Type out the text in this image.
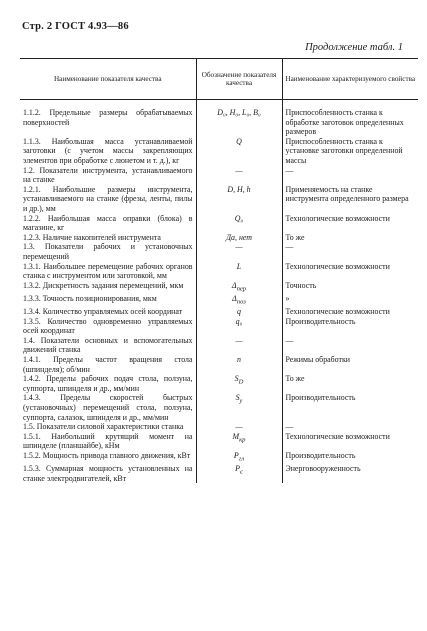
Стр. 2 ГОСТ 4.93—86
Продолжение табл. 1
Наименование показателя качества	Обозначение показателя качества	Наименование характеризуемого свойства

1.1.2. Предельные размеры обрабатываемых поверхностей	D₀, H₀, L₀, B₀	Приспособленность станка к обработке заготовок определенных размеров
1.1.3. Наибольшая масса устанавливаемой заготовки (с учетом массы закрепляющих элементов при обработке с люнетом и т. д.), кг	Q	Приспособленность станка к установке заготовки определенной массы
1.2. Показатели инструмента, устанавливаемого на станке	—	—
1.2.1. Наибольшие размеры инструмента, устанавливаемого на станке (фрезы, ленты, пилы и др.), мм	D, H, h	Применяемость на станке инструмента определенного размера
1.2.2. Наибольшая масса оправки (блока) в магазине, кг	Q₀	Технологические возможности
1.2.3. Наличие накопителей инструмента	Да, нет	То же
1.3. Показатели рабочих и установочных перемещений	—	—
1.3.1. Наибольшее перемещение рабочих органов станка с инструментом или заготовкой, мм	L	Технологические возможности
1.3.2. Дискретность задания перемещений, мкм	$\Delta_{пер}$	Точность
1.3.3. Точность позиционирования, мкм	$\Delta_{поз}$	»
1.3.4. Количество управляемых осей координат	q	Технологические возможности
1.3.5. Количество одновременно управляемых осей координат	q₀	Производительность
1.4. Показатели основных и вспомогательных движений станка	—	—
1.4.1. Пределы частот вращения стола (шпинделя); об/мин	n	Режимы обработки
1.4.2. Пределы рабочих подач стола, ползуна, суппорта, шпинделя и др., мм/мин	$S_D$	То же
1.4.3. Пределы скоростей быстрых (установочных) перемещений стола, ползуна, суппорта, салазок, шпинделя и др., мм/мин	$S_у$	Производительность
1.5. Показатели силовой характеристики станка	—	—
1.5.1. Наибольший крутящий момент на шпинделе (планшайбе), кНм	$M_{кр}$	Технологические возможности
1.5.2. Мощность привода главного движения, кВт	$P_{гл}$	Производительность
1.5.3. Суммарная мощность установленных на станке электродвигателей, кВт	$P_с$	Энерговооруженность
